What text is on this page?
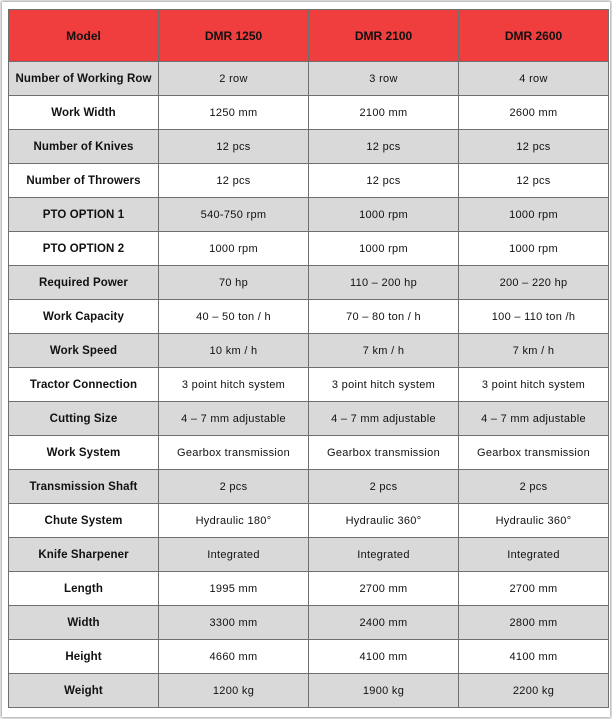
Model	DMR 1250	DMR 2100	DMR 2600
Number of Working Row	2 row	3 row	4 row
Work Width	1250 mm	2100 mm	2600 mm
Number of Knives	12 pcs	12 pcs	12 pcs
Number of Throwers	12 pcs	12 pcs	12 pcs
PTO OPTION 1	540-750 rpm	1000 rpm	1000 rpm
PTO OPTION 2	1000 rpm	1000 rpm	1000 rpm
Required Power	70 hp	110 – 200 hp	200 – 220 hp
Work Capacity	40 – 50 ton / h	70 – 80 ton / h	100 – 110 ton /h
Work Speed	10 km / h	7 km / h	7 km / h
Tractor Connection	3 point hitch system	3 point hitch system	3 point hitch system
Cutting Size	4 – 7 mm adjustable	4 – 7 mm adjustable	4 – 7 mm adjustable
Work System	Gearbox transmission	Gearbox transmission	Gearbox transmission
Transmission Shaft	2 pcs	2 pcs	2 pcs
Chute System	Hydraulic 180°	Hydraulic 360°	Hydraulic 360°
Knife Sharpener	Integrated	Integrated	Integrated
Length	1995 mm	2700 mm	2700 mm
Width	3300 mm	2400 mm	2800 mm
Height	4660 mm	4100 mm	4100 mm
Weight	1200 kg	1900 kg	2200 kg
